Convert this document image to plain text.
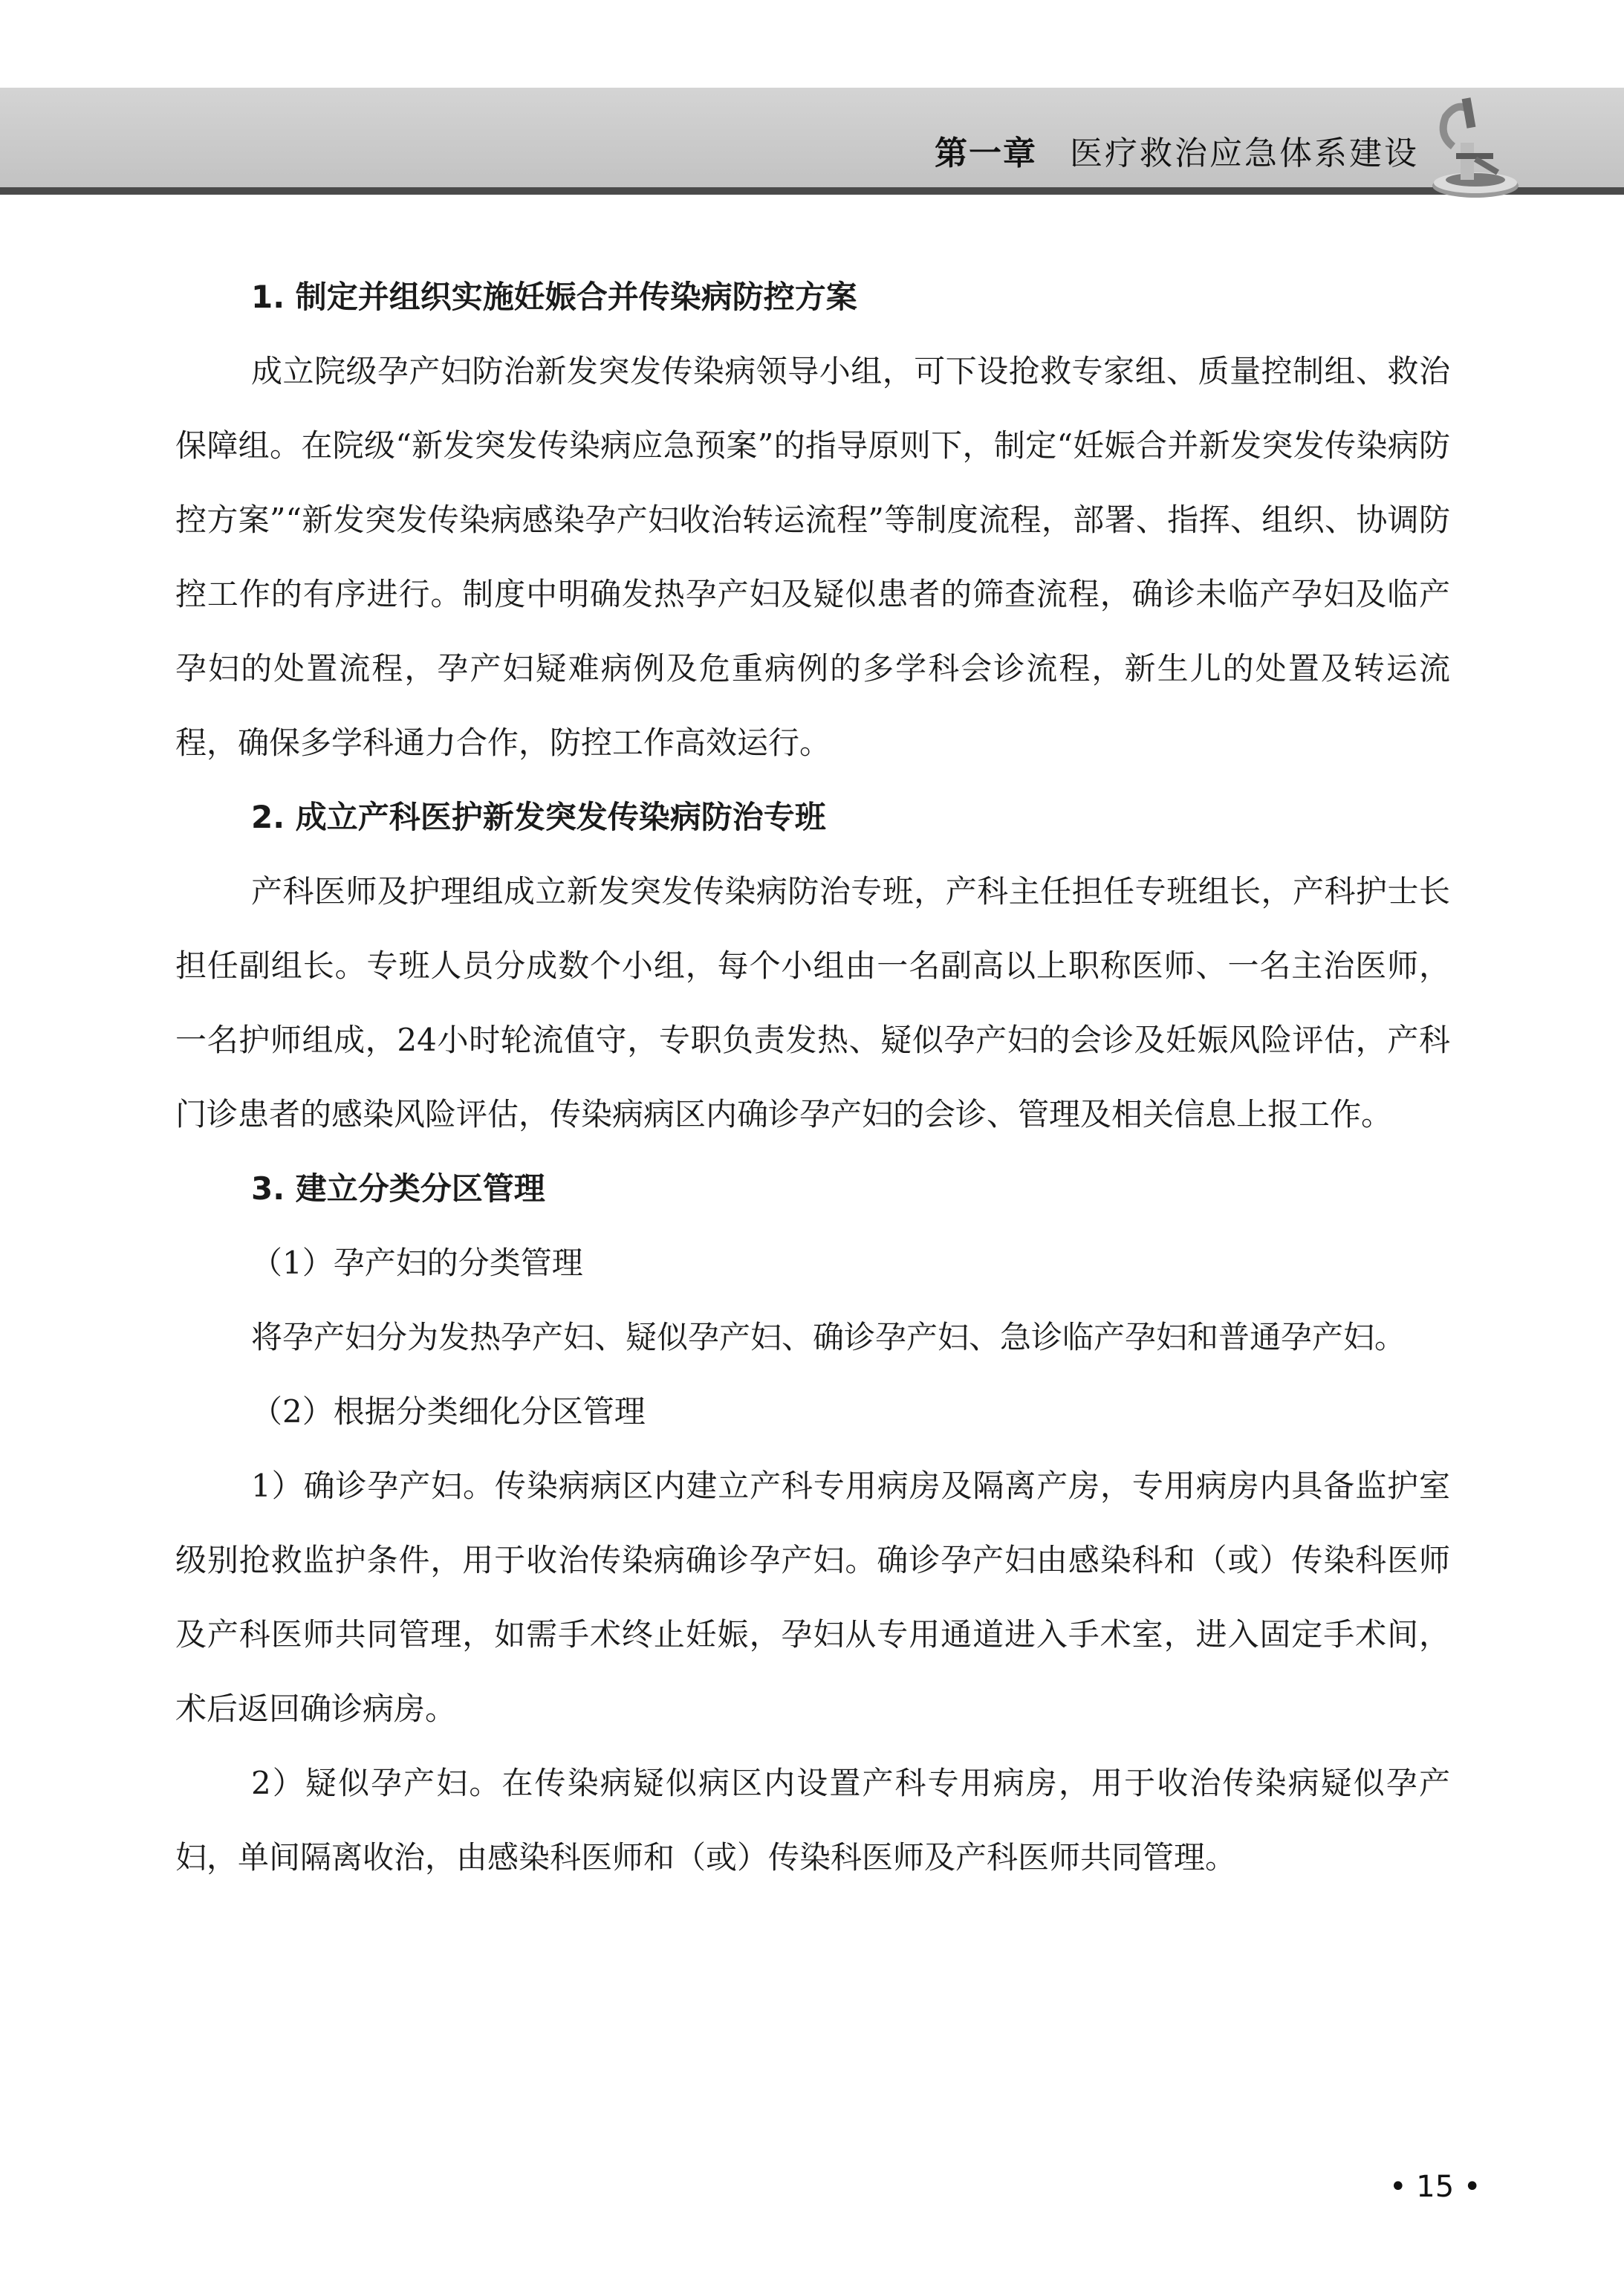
第一章 医疗救治应急体系建设
1. 制定并组织实施妊娠合并传染病防控方案

成立院级孕产妇防治新发突发传染病领导小组，可下设抢救专家组、质量控制组、救治保障组。在院级“新发突发传染病应急预案”的指导原则下，制定“妊娠合并新发突发传染病防控方案”“新发突发传染病感染孕产妇收治转运流程”等制度流程，部署、指挥、组织、协调防控工作的有序进行。制度中明确发热孕产妇及疑似患者的筛查流程，确诊未临产孕妇及临产孕妇的处置流程，孕产妇疑难病例及危重病例的多学科会诊流程，新生儿的处置及转运流程，确保多学科通力合作，防控工作高效运行。

2. 成立产科医护新发突发传染病防治专班

产科医师及护理组成立新发突发传染病防治专班，产科主任担任专班组长，产科护士长担任副组长。专班人员分成数个小组，每个小组由一名副高以上职称医师、一名主治医师，一名护师组成，24小时轮流值守，专职负责发热、疑似孕产妇的会诊及妊娠风险评估，产科门诊患者的感染风险评估，传染病病区内确诊孕产妇的会诊、管理及相关信息上报工作。

3. 建立分类分区管理
（1）孕产妇的分类管理

将孕产妇分为发热孕产妇、疑似孕产妇、确诊孕产妇、急诊临产孕妇和普通孕产妇。

（2）根据分类细化分区管理

1）确诊孕产妇。传染病病区内建立产科专用病房及隔离产房，专用病房内具备监护室级别抢救监护条件，用于收治传染病确诊孕产妇。确诊孕产妇由感染科和（或）传染科医师及产科医师共同管理，如需手术终止妊娠，孕妇从专用通道进入手术室，进入固定手术间，术后返回确诊病房。

2）疑似孕产妇。在传染病疑似病区内设置产科专用病房，用于收治传染病疑似孕产妇，单间隔离收治，由感染科医师和（或）传染科医师及产科医师共同管理。

• 15 •
